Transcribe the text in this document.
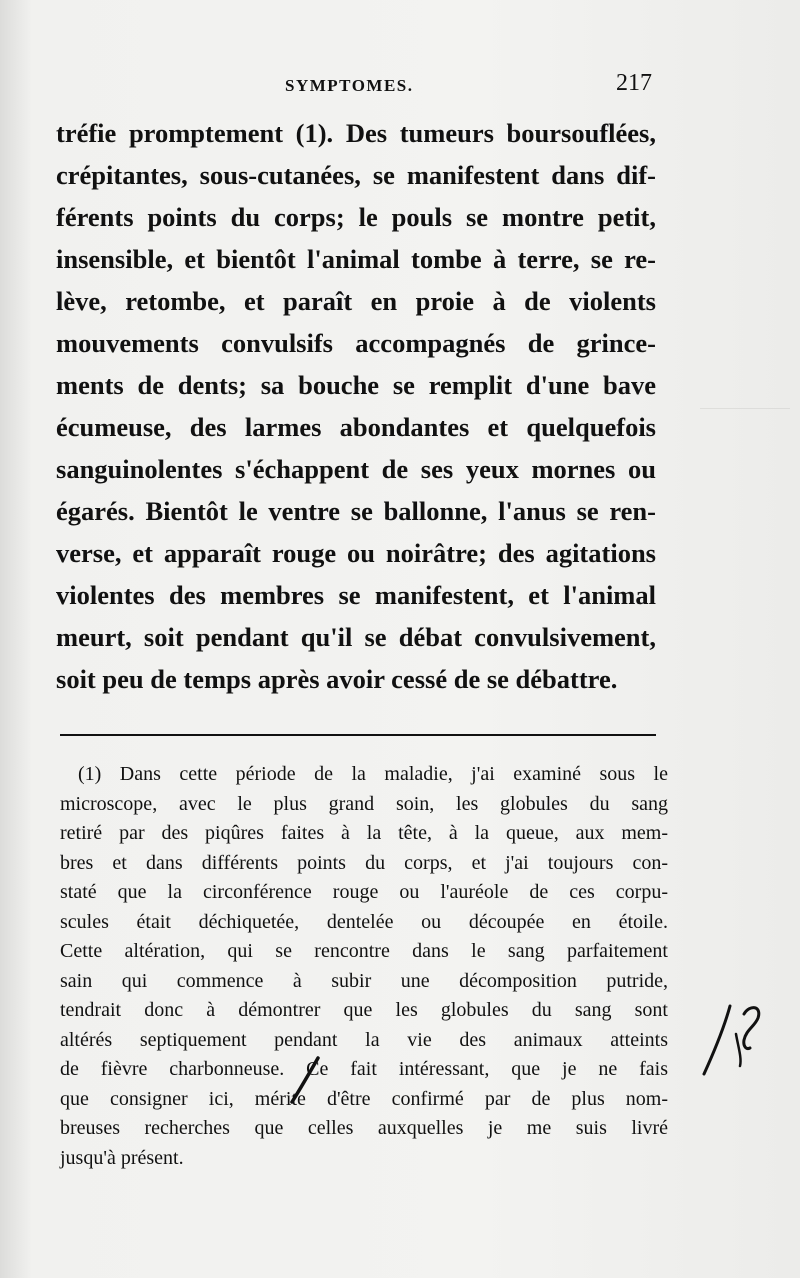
SYMPTOMES.	217
tréfie promptement (1). Des tumeurs boursouflées,
crépitantes, sous-cutanées, se manifestent dans dif-
férents points du corps; le pouls se montre petit,
insensible, et bientôt l'animal tombe à terre, se re-
lève, retombe, et paraît en proie à de violents
mouvements convulsifs accompagnés de grince-
ments de dents; sa bouche se remplit d'une bave
écumeuse, des larmes abondantes et quelquefois
sanguinolentes s'échappent de ses yeux mornes ou
égarés. Bientôt le ventre se ballonne, l'anus se ren-
verse, et apparaît rouge ou noirâtre; des agitations
violentes des membres se manifestent, et l'animal
meurt, soit pendant qu'il se débat convulsivement,
soit peu de temps après avoir cessé de se débattre.
(1) Dans cette période de la maladie, j'ai examiné sous le
microscope, avec le plus grand soin, les globules du sang
retiré par des piqûres faites à la tête, à la queue, aux mem-
bres et dans différents points du corps, et j'ai toujours con-
staté que la circonférence rouge ou l'auréole de ces corpu-
scules était déchiquetée, dentelée ou découpée en étoile.
Cette altération, qui se rencontre dans le sang parfaitement
sain qui commence à subir une décomposition putride,
tendrait donc à démontrer que les globules du sang sont
altérés septiquement pendant la vie des animaux atteints
de fièvre charbonneuse. Ce fait intéressant, que je ne fais
que consigner ici, mérite d'être confirmé par de plus nom-
breuses recherches que celles auxquelles je me suis livré
jusqu'à présent.
